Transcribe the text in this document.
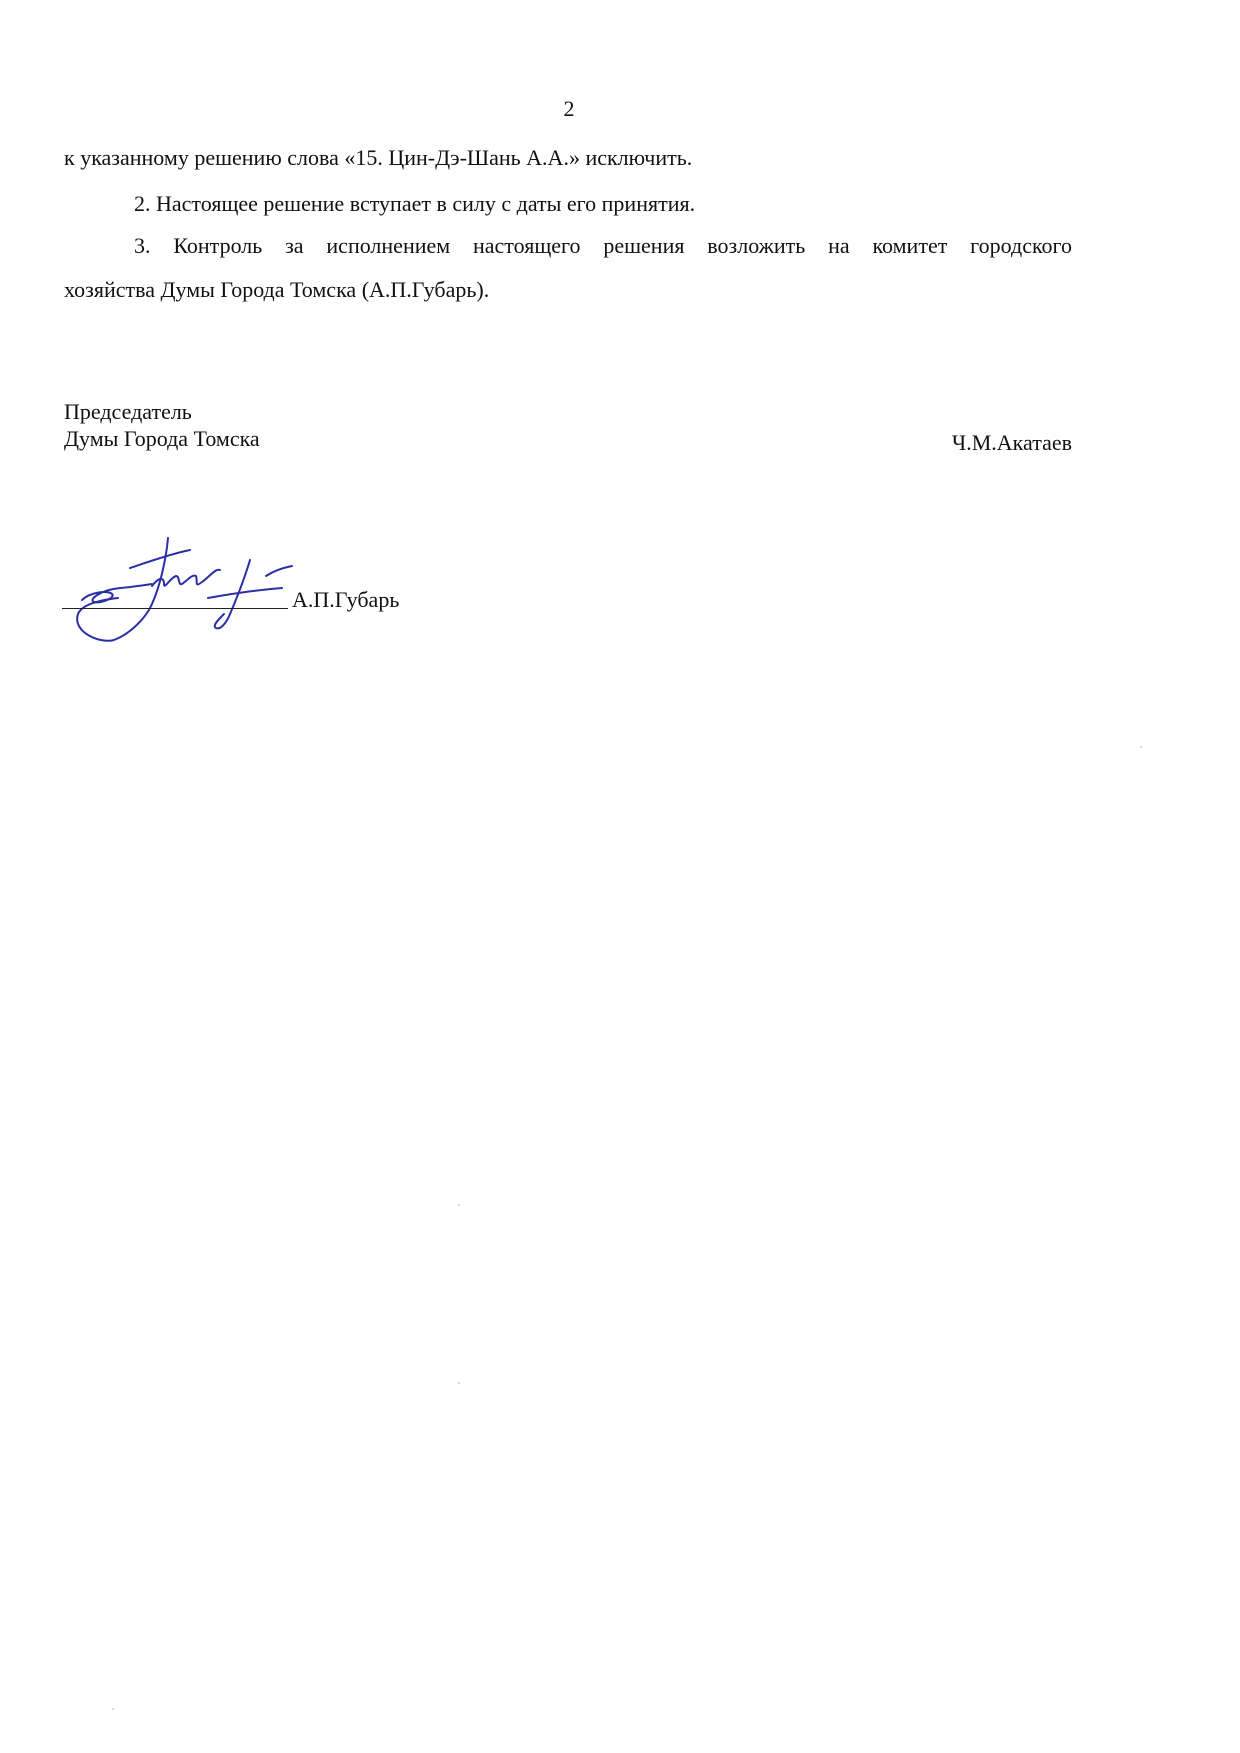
2
к указанному решению слова «15. Цин-Дэ-Шань А.А.» исключить.
2. Настоящее решение вступает в силу с даты его принятия.
3. Контроль за исполнением настоящего решения возложить на комитет городского
хозяйства Думы Города Томска (А.П.Губарь).
Председатель
Думы Города Томска	Ч.М.Акатаев
А.П.Губарь
